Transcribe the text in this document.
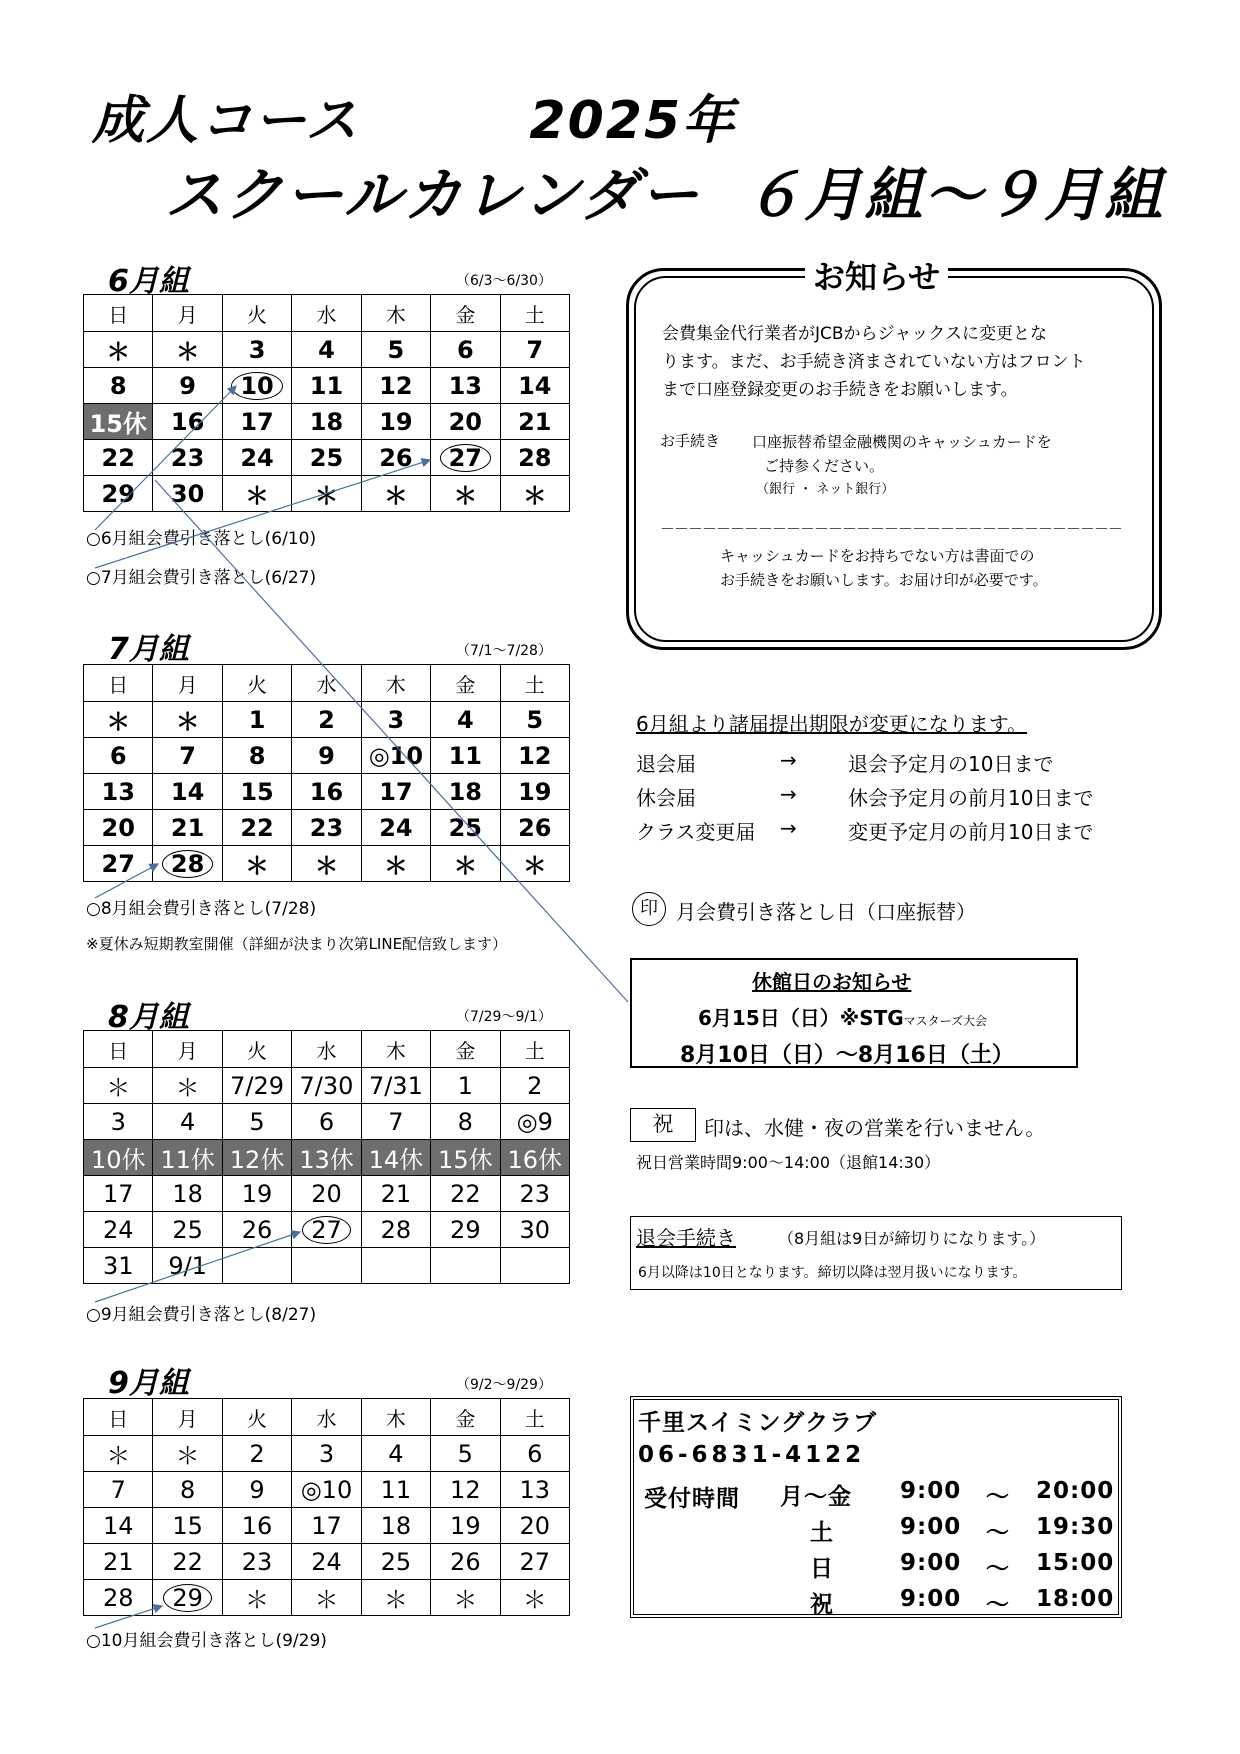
成人コース	2025年
スクールカレンダー ６月組～９月組
6月組	（6/3～6/30）
日	月	火	水	木	金	土
＊	＊	3	4	5	6	7
8	9	10	11	12	13	14
15休	16	17	18	19	20	21
22	23	24	25	26	27	28
29	30	＊	＊	＊	＊	＊
○6月組会費引き落とし(6/10)
○7月組会費引き落とし(6/27)
7月組	（7/1～7/28）
日	月	火	水	木	金	土
＊	＊	1	2	3	4	5
6	7	8	9	◎10	11	12
13	14	15	16	17	18	19
20	21	22	23	24	25	26
27	28	＊	＊	＊	＊	＊
○8月組会費引き落とし(7/28)
※夏休み短期教室開催（詳細が決まり次第LINE配信致します）
8月組	（7/29～9/1）
日	月	火	水	木	金	土
＊	＊	7/29	7/30	7/31	1	2
3	4	5	6	7	8	◎9
10休	11休	12休	13休	14休	15休	16休
17	18	19	20	21	22	23
24	25	26	27	28	29	30
31	9/1					
○9月組会費引き落とし(8/27)
9月組	（9/2～9/29）
日	月	火	水	木	金	土
＊	＊	2	3	4	5	6
7	8	9	◎10	11	12	13
14	15	16	17	18	19	20
21	22	23	24	25	26	27
28	29	＊	＊	＊	＊	＊
○10月組会費引き落とし(9/29)
お知らせ
会費集金代行業者がJCBからジャックスに変更とな
ります。まだ、お手続き済まされていない方はフロント
まで口座登録変更のお手続きをお願いします。
お手続き 口座振替希望金融機関のキャッシュカードを
ご持参ください。
（銀行 ・ ネット銀行）
－－－－－－－－－－－－－－－－－－－－－－－－－－－－－－－－－
キャッシュカードをお持ちでない方は書面での
お手続きをお願いします。お届け印が必要です。
6月組より諸届提出期限が変更になります。
退会届	→	退会予定月の10日まで
休会届	→	休会予定月の前月10日まで
クラス変更届 →	変更予定月の前月10日まで
印 月会費引き落とし日（口座振替）
休館日のお知らせ
6月15日（日）※STGマスターズ大会
8月10日（日）～8月16日（土）
祝	印は、水健・夜の営業を行いません。
祝日営業時間9:00～14:00（退館14:30）
退会手続き	（8月組は9日が締切りになります。）
6月以降は10日となります。締切以降は翌月扱いになります。
千里スイミングクラブ
06-6831-4122
受付時間 月～金 9:00 ～ 20:00
土	9:00 ～ 19:30
日	9:00 ～ 15:00
祝	9:00 ～ 18:00
